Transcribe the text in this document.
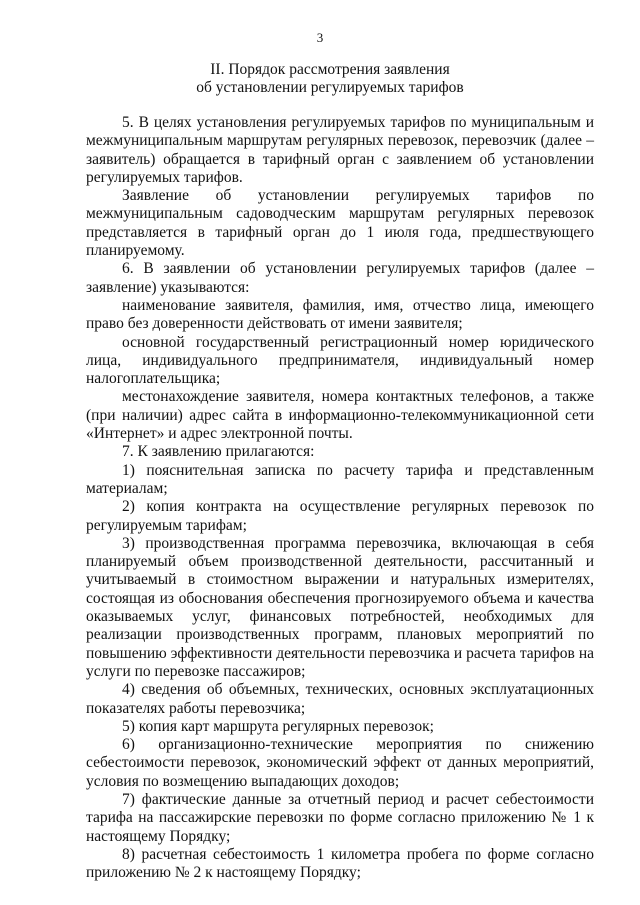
3
II. Порядок рассмотрения заявления
об установлении регулируемых тарифов

5. В целях установления регулируемых тарифов по муниципальным и межмуниципальным маршрутам регулярных перевозок, перевозчик (далее – заявитель) обращается в тарифный орган с заявлением об установлении регулируемых тарифов.

Заявление об установлении регулируемых тарифов по межмуниципальным садоводческим маршрутам регулярных перевозок представляется в тарифный орган до 1 июля года, предшествующего планируемому.

6. В заявлении об установлении регулируемых тарифов (далее – заявление) указываются:

наименование заявителя, фамилия, имя, отчество лица, имеющего право без доверенности действовать от имени заявителя;

основной государственный регистрационный номер юридического лица, индивидуального предпринимателя, индивидуальный номер налогоплательщика;

местонахождение заявителя, номера контактных телефонов, а также (при наличии) адрес сайта в информационно-телекоммуникационной сети «Интернет» и адрес электронной почты.

7. К заявлению прилагаются:

1) пояснительная записка по расчету тарифа и представленным материалам;

2) копия контракта на осуществление регулярных перевозок по регулируемым тарифам;

3) производственная программа перевозчика, включающая в себя планируемый объем производственной деятельности, рассчитанный и учитываемый в стоимостном выражении и натуральных измерителях, состоящая из обоснования обеспечения прогнозируемого объема и качества оказываемых услуг, финансовых потребностей, необходимых для реализации производственных программ, плановых мероприятий по повышению эффективности деятельности перевозчика и расчета тарифов на услуги по перевозке пассажиров;

4) сведения об объемных, технических, основных эксплуатационных показателях работы перевозчика;

5) копия карт маршрута регулярных перевозок;

6) организационно-технические мероприятия по снижению себестоимости перевозок, экономический эффект от данных мероприятий, условия по возмещению выпадающих доходов;

7) фактические данные за отчетный период и расчет себестоимости тарифа на пассажирские перевозки по форме согласно приложению № 1 к настоящему Порядку;

8) расчетная себестоимость 1 километра пробега по форме согласно приложению № 2 к настоящему Порядку;
